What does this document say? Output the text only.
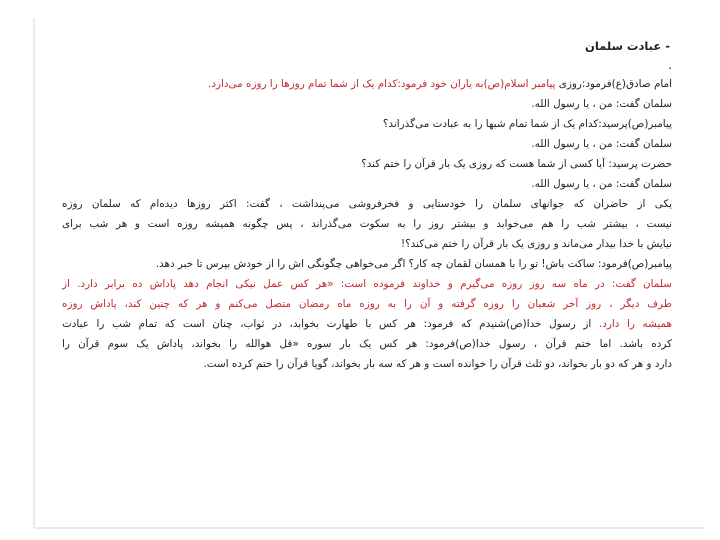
- عبادت سلمان
.
امام صادق(ع)فرمود:روزی پیامبر اسلام(ص)به یاران خود فرمود:کدام یک از شما تمام روزها را روزه می‌دارد.
سلمان گفت: من ، یا رسول الله.
پیامبر(ص)پرسید:کدام یک از شما تمام شبها را به عبادت می‌گذراند؟
سلمان گفت: من ، یا رسول الله.
حضرت پرسید: آیا کسی از شما هست که روزی یک بار قرآن را ختم کند؟
سلمان گفت: من ، یا رسول الله.
یکی از حاضران که جوانهای سلمان را خودستایی و فخرفروشی می‌پنداشت ، گفت: اکثر روزها دیده‌ام که سلمان روزه
نیست ، بیشتر شب را هم می‌خوابد و بیشتر روز را به سکوت می‌گذراند ، پس چگونه همیشه روزه است و هر شب برای
نیایش با خدا بیدار می‌ماند و روزی یک بار قرآن را ختم می‌کند؟!
پیامبر(ص)فرمود: ساکت باش! تو را با همسان لقمان چه کار؟ اگر می‌خواهی چگونگی اش را از خودش بپرس تا خبر دهد.
سلمان گفت: در ماه سه روز روزه می‌گیرم و خداوند فرموده است: «هر کس عمل نیکی انجام دهد پاداش ده برابر دارد. از
طرف دیگر ، روز آخر شعبان را روزه گرفته و آن را به روزه ماه رمضان متصل می‌کنم و هر که چنین کند، پاداش روزه
همیشه را دارد. از رسول خدا(ص)شنیدم که فرمود: هر کس با طهارت بخوابد، در ثواب، چنان است که تمام شب را عبادت
کرده باشد. اما ختم قرآن ، رسول خدا(ص)فرمود: هر کس یک بار سوره «قل هوالله را بخواند، پاداش یک سوم قرآن را
دارد و هر که دو بار بخواند، دو ثلث قرآن را خوانده است و هر که سه بار بخواند، گویا قرآن را ختم کرده است.
